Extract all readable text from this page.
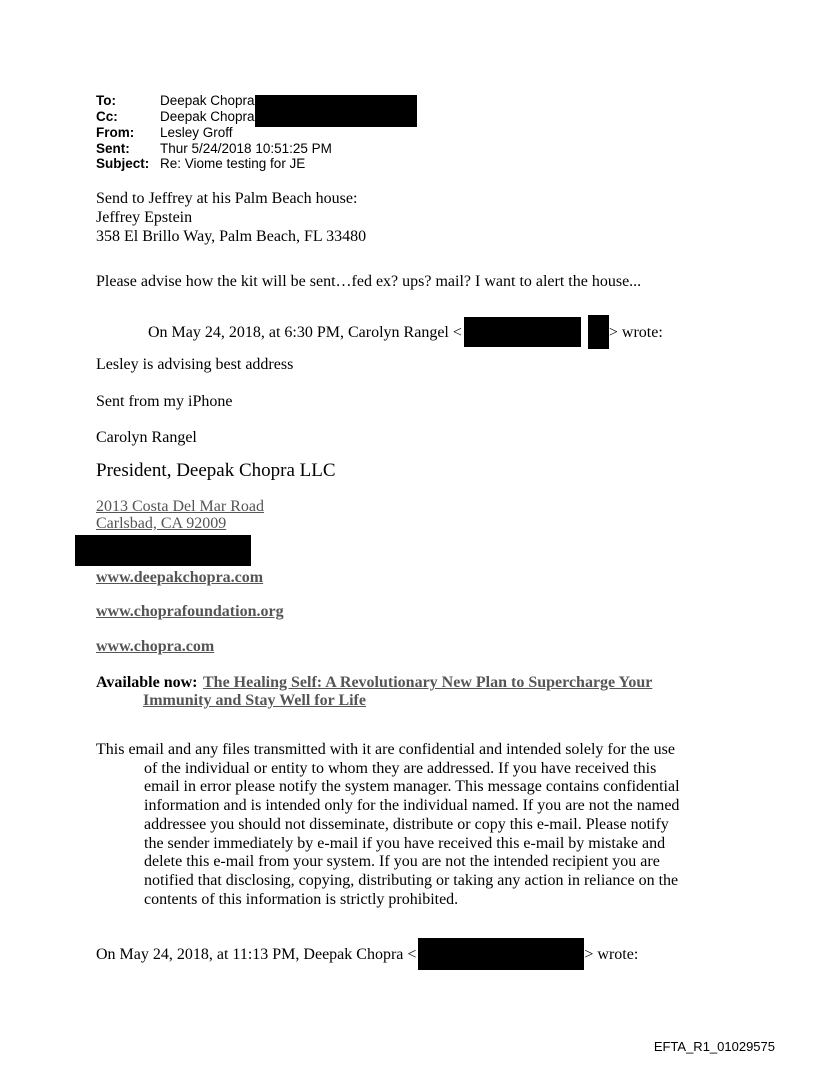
To:	Deepak Chopra
Cc:	Deepak Chopra
From: Lesley Groff
Sent: Thur 5/24/2018 10:51:25 PM
Subject: Re: Viome testing for JE
Send to Jeffrey at his Palm Beach house:
Jeffrey Epstein
358 El Brillo Way, Palm Beach, FL 33480
Please advise how the kit will be sent…fed ex? ups? mail? I want to alert the house...
On May 24, 2018, at 6:30 PM, Carolyn Rangel <	> wrote:
Lesley is advising best address
Sent from my iPhone
Carolyn Rangel
President, Deepak Chopra LLC
2013 Costa Del Mar Road
Carlsbad, CA 92009
www.deepakchopra.com
www.choprafoundation.org
www.chopra.com
Available now: The Healing Self: A Revolutionary New Plan to Supercharge Your
Immunity and Stay Well for Life

This email and any files transmitted with it are confidential and intended solely for the use

of the individual or entity to whom they are addressed. If you have received this email in error please notify the system manager. This message contains confidential information and is intended only for the individual named. If you are not the named addressee you should not disseminate, distribute or copy this e-mail. Please notify the sender immediately by e-mail if you have received this e-mail by mistake and delete this e-mail from your system. If you are not the intended recipient you are notified that disclosing, copying, distributing or taking any action in reliance on the contents of this information is strictly prohibited.

On May 24, 2018, at 11:13 PM, Deepak Chopra <	> wrote:
EFTA_R1_01029575
